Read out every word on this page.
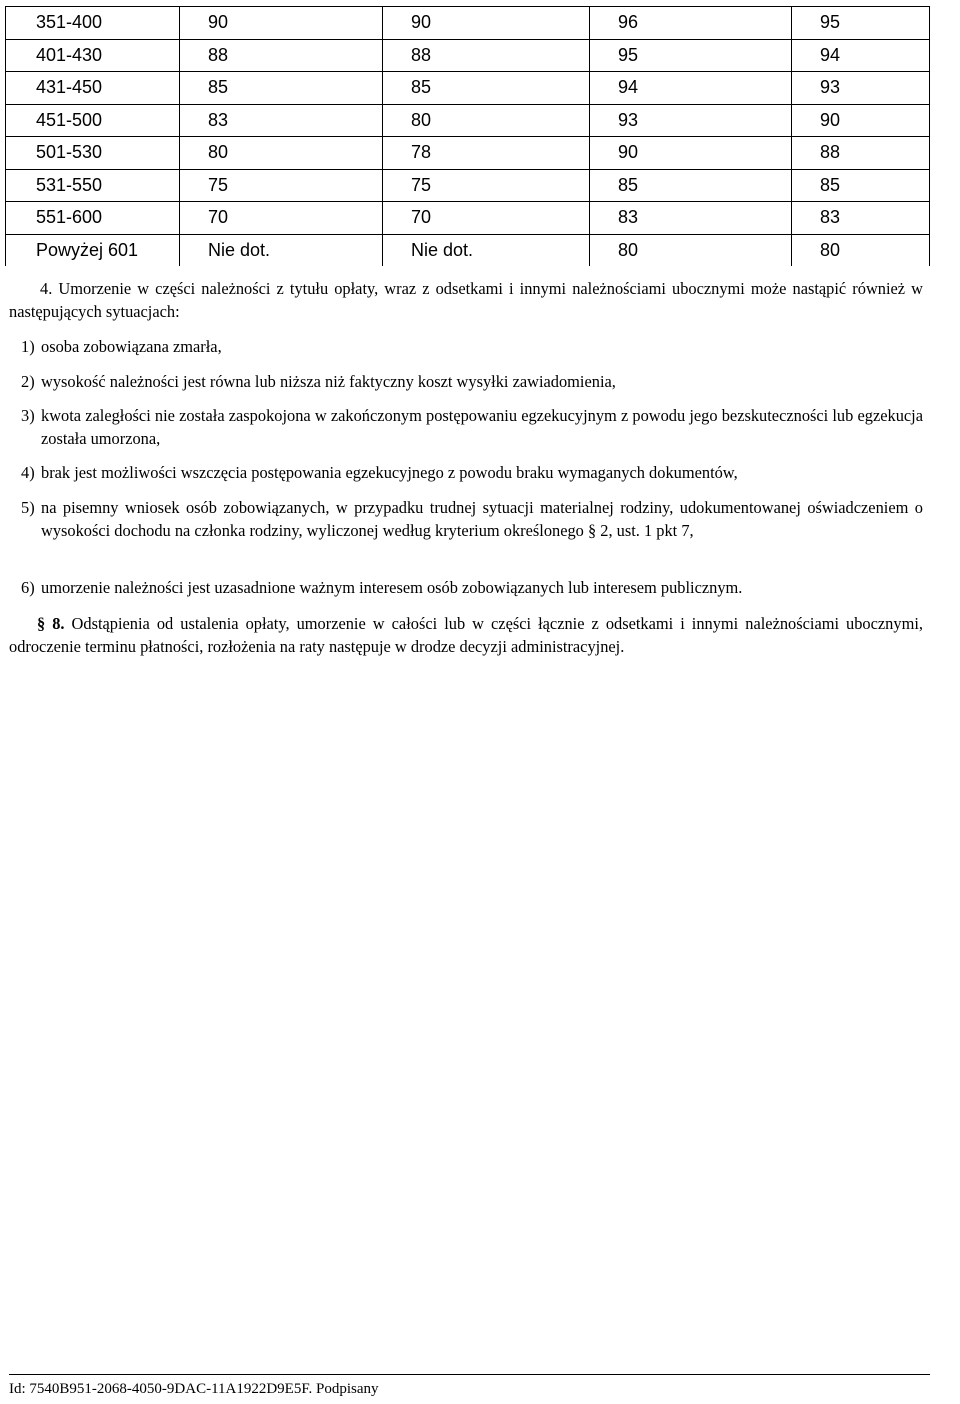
351-400	90	90	96	95
401-430	88	88	95	94
431-450	85	85	94	93
451-500	83	80	93	90
501-530	80	78	90	88
531-550	75	75	85	85
551-600	70	70	83	83
Powyżej 601	Nie dot.	Nie dot.	80	80
4. Umorzenie w części należności z tytułu opłaty, wraz z odsetkami i innymi należnościami ubocznymi może nastąpić również w następujących sytuacjach:
1) osoba zobowiązana zmarła,
2) wysokość należności jest równa lub niższa niż faktyczny koszt wysyłki zawiadomienia,
3) kwota zaległości nie została zaspokojona w zakończonym postępowaniu egzekucyjnym z powodu jego bezskuteczności lub egzekucja została umorzona,
4) brak jest możliwości wszczęcia postępowania egzekucyjnego z powodu braku wymaganych dokumentów,
5) na pisemny wniosek osób zobowiązanych, w przypadku trudnej sytuacji materialnej rodziny, udokumentowanej oświadczeniem o wysokości dochodu na członka rodziny, wyliczonej według kryterium określonego § 2, ust. 1 pkt 7,
6) umorzenie należności jest uzasadnione ważnym interesem osób zobowiązanych lub interesem publicznym.
§ 8. Odstąpienia od ustalenia opłaty, umorzenie w całości lub w części łącznie z odsetkami i innymi należnościami ubocznymi, odroczenie terminu płatności, rozłożenia na raty następuje w drodze decyzji administracyjnej.
Id: 7540B951-2068-4050-9DAC-11A1922D9E5F. Podpisany
